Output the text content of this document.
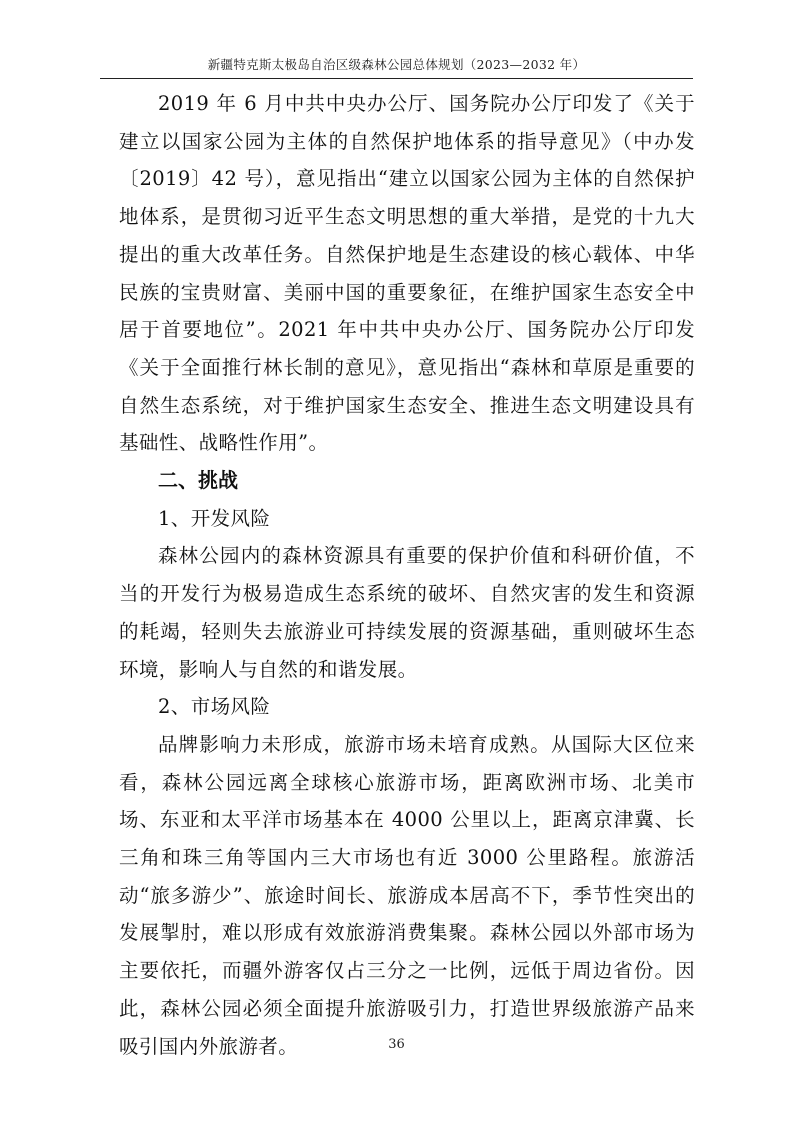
新疆特克斯太极岛自治区级森林公园总体规划（2023—2032 年）

2019 年 6 月中共中央办公厅、国务院办公厅印发了《关于建立以国家公园为主体的自然保护地体系的指导意见》（中办发〔2019〕42 号），意见指出“建立以国家公园为主体的自然保护地体系，是贯彻习近平生态文明思想的重大举措，是党的十九大提出的重大改革任务。自然保护地是生态建设的核心载体、中华民族的宝贵财富、美丽中国的重要象征，在维护国家生态安全中居于首要地位”。2021 年中共中央办公厅、国务院办公厅印发《关于全面推行林长制的意见》，意见指出“森林和草原是重要的自然生态系统，对于维护国家生态安全、推进生态文明建设具有基础性、战略性作用”。

二、挑战

1、开发风险

森林公园内的森林资源具有重要的保护价值和科研价值，不当的开发行为极易造成生态系统的破坏、自然灾害的发生和资源的耗竭，轻则失去旅游业可持续发展的资源基础，重则破坏生态环境，影响人与自然的和谐发展。

2、市场风险

品牌影响力未形成，旅游市场未培育成熟。从国际大区位来看，森林公园远离全球核心旅游市场，距离欧洲市场、北美市场、东亚和太平洋市场基本在 4000 公里以上，距离京津冀、长三角和珠三角等国内三大市场也有近 3000 公里路程。旅游活动“旅多游少”、旅途时间长、旅游成本居高不下，季节性突出的发展掣肘，难以形成有效旅游消费集聚。森林公园以外部市场为主要依托，而疆外游客仅占三分之一比例，远低于周边省份。因此，森林公园必须全面提升旅游吸引力，打造世界级旅游产品来吸引国内外旅游者。	36
